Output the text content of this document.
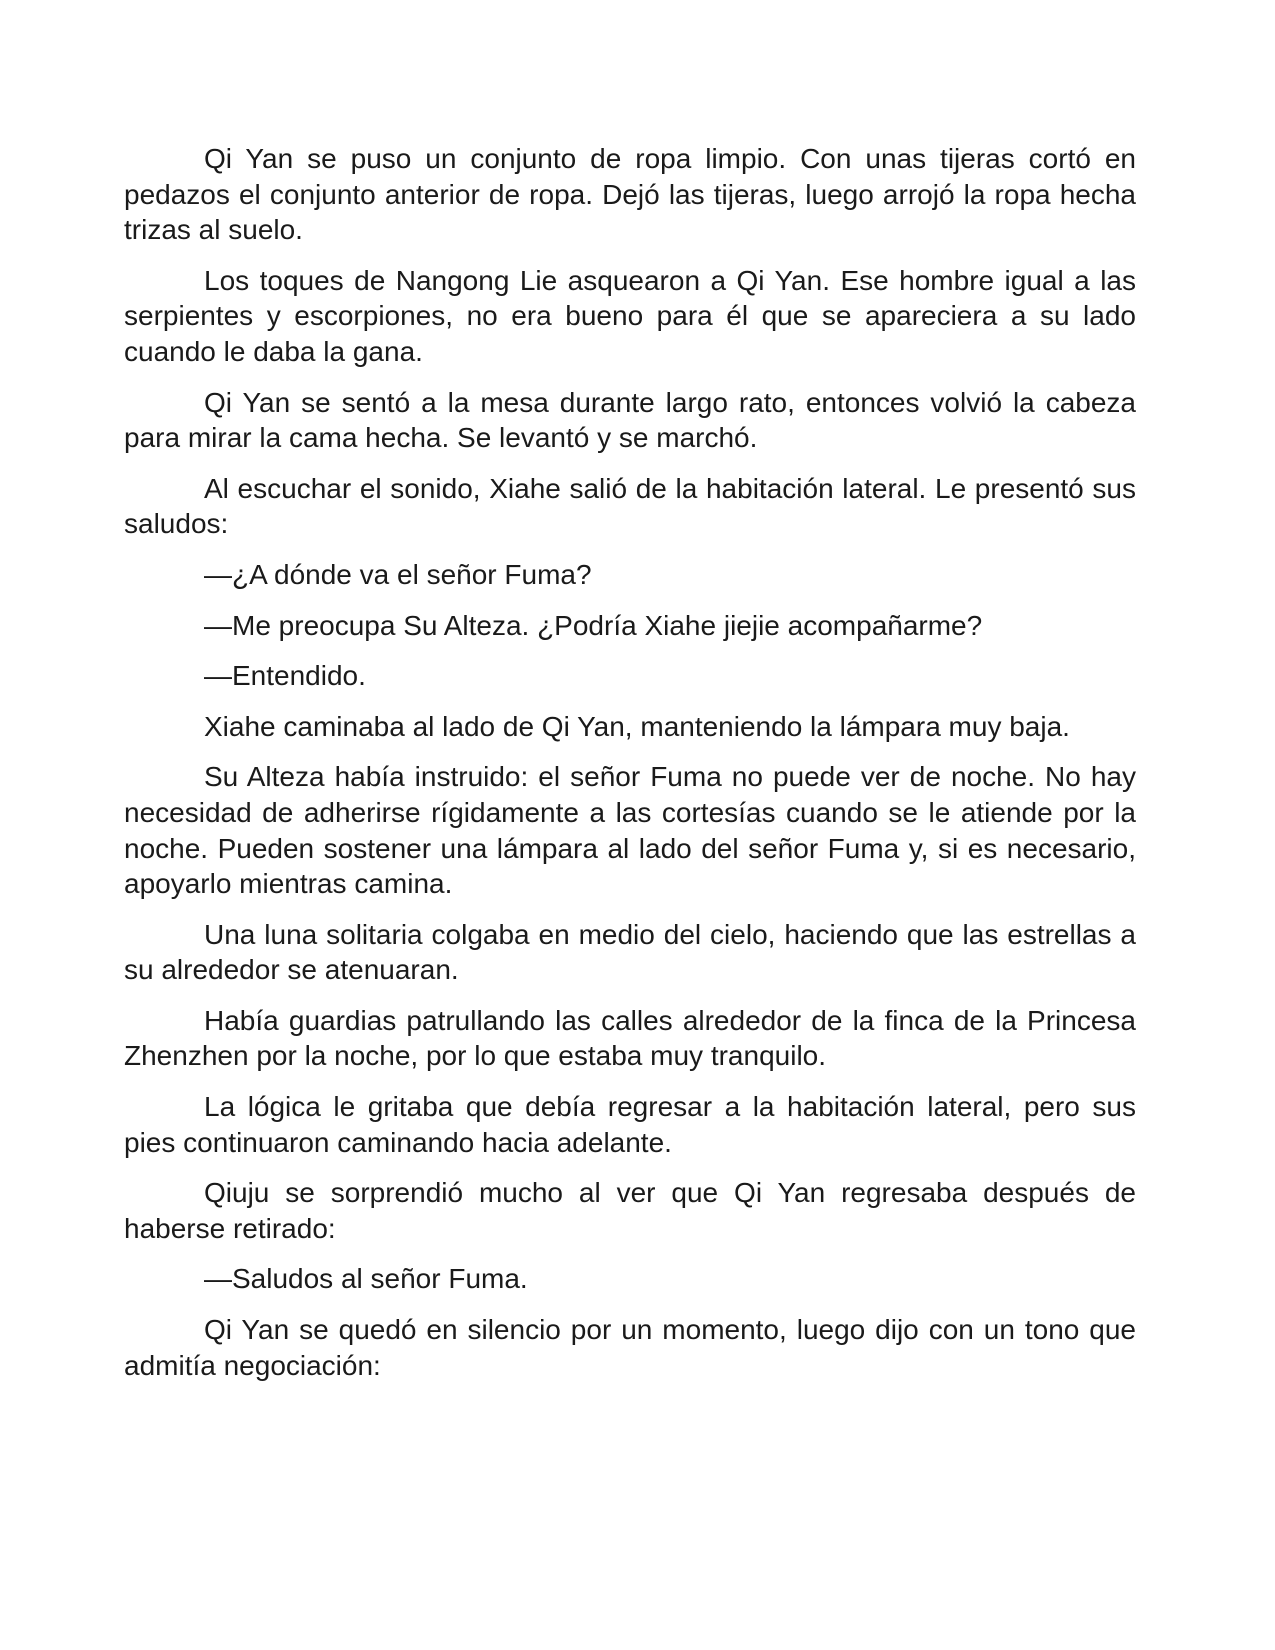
Qi Yan se puso un conjunto de ropa limpio. Con unas tijeras cortó en pedazos el conjunto anterior de ropa. Dejó las tijeras, luego arrojó la ropa hecha trizas al suelo.

Los toques de Nangong Lie asquearon a Qi Yan. Ese hombre igual a las serpientes y escorpiones, no era bueno para él que se apareciera a su lado cuando le daba la gana.

Qi Yan se sentó a la mesa durante largo rato, entonces volvió la cabeza para mirar la cama hecha. Se levantó y se marchó.

Al escuchar el sonido, Xiahe salió de la habitación lateral. Le presentó sus saludos:

—¿A dónde va el señor Fuma?

—Me preocupa Su Alteza. ¿Podría Xiahe jiejie acompañarme?

—Entendido.

Xiahe caminaba al lado de Qi Yan, manteniendo la lámpara muy baja.

Su Alteza había instruido: el señor Fuma no puede ver de noche. No hay necesidad de adherirse rígidamente a las cortesías cuando se le atiende por la noche. Pueden sostener una lámpara al lado del señor Fuma y, si es necesario, apoyarlo mientras camina.

Una luna solitaria colgaba en medio del cielo, haciendo que las estrellas a su alrededor se atenuaran.

Había guardias patrullando las calles alrededor de la finca de la Princesa Zhenzhen por la noche, por lo que estaba muy tranquilo.

La lógica le gritaba que debía regresar a la habitación lateral, pero sus pies continuaron caminando hacia adelante.

Qiuju se sorprendió mucho al ver que Qi Yan regresaba después de haberse retirado:

—Saludos al señor Fuma.

Qi Yan se quedó en silencio por un momento, luego dijo con un tono que admitía negociación:
